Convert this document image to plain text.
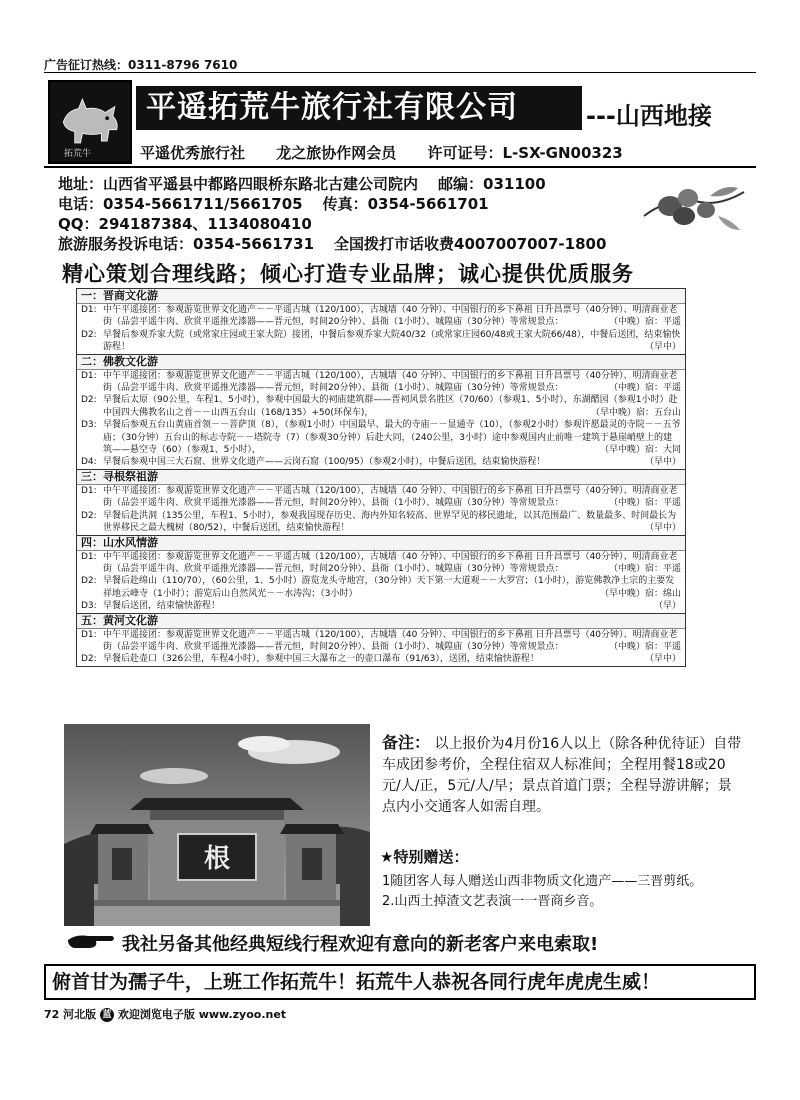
广告征订热线：0311-8796 7610
拓荒牛
平遥拓荒牛旅行社有限公司	---山西地接
平遥优秀旅行社 龙之旅协作网会员 许可证号：L-SX-GN00323
地址：山西省平遥县中都路四眼桥东路北古建公司院内 邮编：031100
电话：0354-5661711/5661705 传真：0354-5661701
QQ：294187384、1134080410
旅游服务投诉电话：0354-5661731 全国拨打市话收费4007007007-1800
精心策划合理线路；倾心打造专业品牌；诚心提供优质服务
一：晋商文化游
D1: 中午平遥接团：参观游览世界文化遗产－－平遥古城（120/100），古城墙（40 分钟）、中国银行的乡下鼻祖 日升昌票号（40分钟）、明清商业老街（品尝平遥牛肉、欣赏平遥推光漆器——晋元恒，时间20分钟）、县衙（1小时）、城隍庙（30分钟）等常规景点：	（中晚）宿：平遥
D2: 早餐后参观乔家大院（或常家庄园或王家大院）接团，中餐后参观乔家大院40/32（或常家庄园60/48或王家大院66/48），中餐后送团，结束愉快游程！	（早中）
二：佛教文化游
D1: 中午平遥接团：参观游览世界文化遗产－－平遥古城（120/100），古城墙（40 分钟）、中国银行的乡下鼻祖 日升昌票号（40分钟）、明清商业老街（品尝平遥牛肉、欣赏平遥推光漆器——晋元恒，时间20分钟）、县衙（1小时）、城隍庙（30分钟）等常规景点：	（中晚）宿：平遥
D2: 早餐后太原（90公里，车程1、5小时），参观中国最大的祠庙建筑群——晋祠风景名胜区（70/60）（参观1、5小时），东湖醋园（参观1小时）赴中国四大佛教名山之首－－山西五台山（168/135）+50(环保车)，	（早中晚）宿：五台山
D3: 早餐后参观五台山黄庙首领－－菩萨顶（8），（参观1小时）中国最早、最大的寺庙－－显通寺（10），（参观2小时）参观许愿最灵的寺院－－五爷庙；（30分钟）五台山的标志寺院－－塔院寺（7）（参观30分钟）后赴大同，（240公里，3小时）途中参观国内止前唯一建筑于悬崖峭壁上的建筑——悬空寺（60）（参观1、5小时），	（早中晚）宿：大同
D4: 早餐后参观中国三大石窟、世界文化遗产——云岗石窟（100/95）（参观2小时），中餐后送团，结束愉快游程！	（早中）
三：寻根祭祖游
D1: 中午平遥接团：参观游览世界文化遗产－－平遥古城（120/100），古城墙（40 分钟）、中国银行的乡下鼻祖 日升昌票号（40分钟）、明清商业老街（品尝平遥牛肉、欣赏平遥推光漆器——晋元恒，时间20分钟）、县衙（1小时）、城隍庙（30分钟）等常规景点：	（中晚）宿：平遥
D2: 早餐后赴洪洞（135公里，车程1、5小时），参观我国现存历史、海内外知名较高、世界罕见的移民遗址，以其范围最广、数量最多、时间最长为世界移民之最大槐树（80/52），中餐后送团，结束愉快游程！	（早中）
四：山水风情游
D1: 中午平遥接团：参观游览世界文化遗产－－平遥古城（120/100），古城墙（40 分钟）、中国银行的乡下鼻祖 日升昌票号（40分钟）、明清商业老街（品尝平遥牛肉、欣赏平遥推光漆器——晋元恒，时间20分钟）、县衙（1小时）、城隍庙（30分钟）等常规景点：	（中晚）宿：平遥
D2: 早餐后赴绵山（110/70），（60公里，1、5小时）游览龙头寺地宫，（30分钟）天下第一大道观－－大罗宫；（1小时），游览佛教净土宗的主要发祥地云峰寺（1小时）；游览后山自然风光－－水涛沟；（3小时）	（早中晚）宿：绵山
D3: 早餐后送团，结束愉快游程！	（早）
五：黄河文化游
D1: 中午平遥接团：参观游览世界文化遗产－－平遥古城（120/100），古城墙（40 分钟）、中国银行的乡下鼻祖 日升昌票号（40分钟）、明清商业老街（品尝平遥牛肉、欣赏平遥推光漆器——晋元恒，时间20分钟）、县衙（1小时）、城隍庙（30分钟）等常规景点：	（中晚）宿：平遥
D2: 早餐后赴壶口（326公里，车程4小时），参观中国三大瀑布之一的壶口瀑布（91/63），送团，结束愉快游程！	（早中）
根
备注： 以上报价为4月份16人以上（除各种优待证）自带车成团参考价，全程住宿双人标准间；全程用餐18或20元/人/正，5元/人/早；景点首道门票；全程导游讲解；景点内小交通客人如需自理。
★特别赠送：
1随团客人每人赠送山西非物质文化遗产——三晋剪纸。
2.山西土掉渣文艺表演一一晋商乡音。
我社另备其他经典短线行程欢迎有意向的新老客户来电索取!
俯首甘为孺子牛，上班工作拓荒牛！拓荒牛人恭祝各同行虎年虎虎生威！
72 河北版 蓝 欢迎浏览电子版 www.zyoo.net
